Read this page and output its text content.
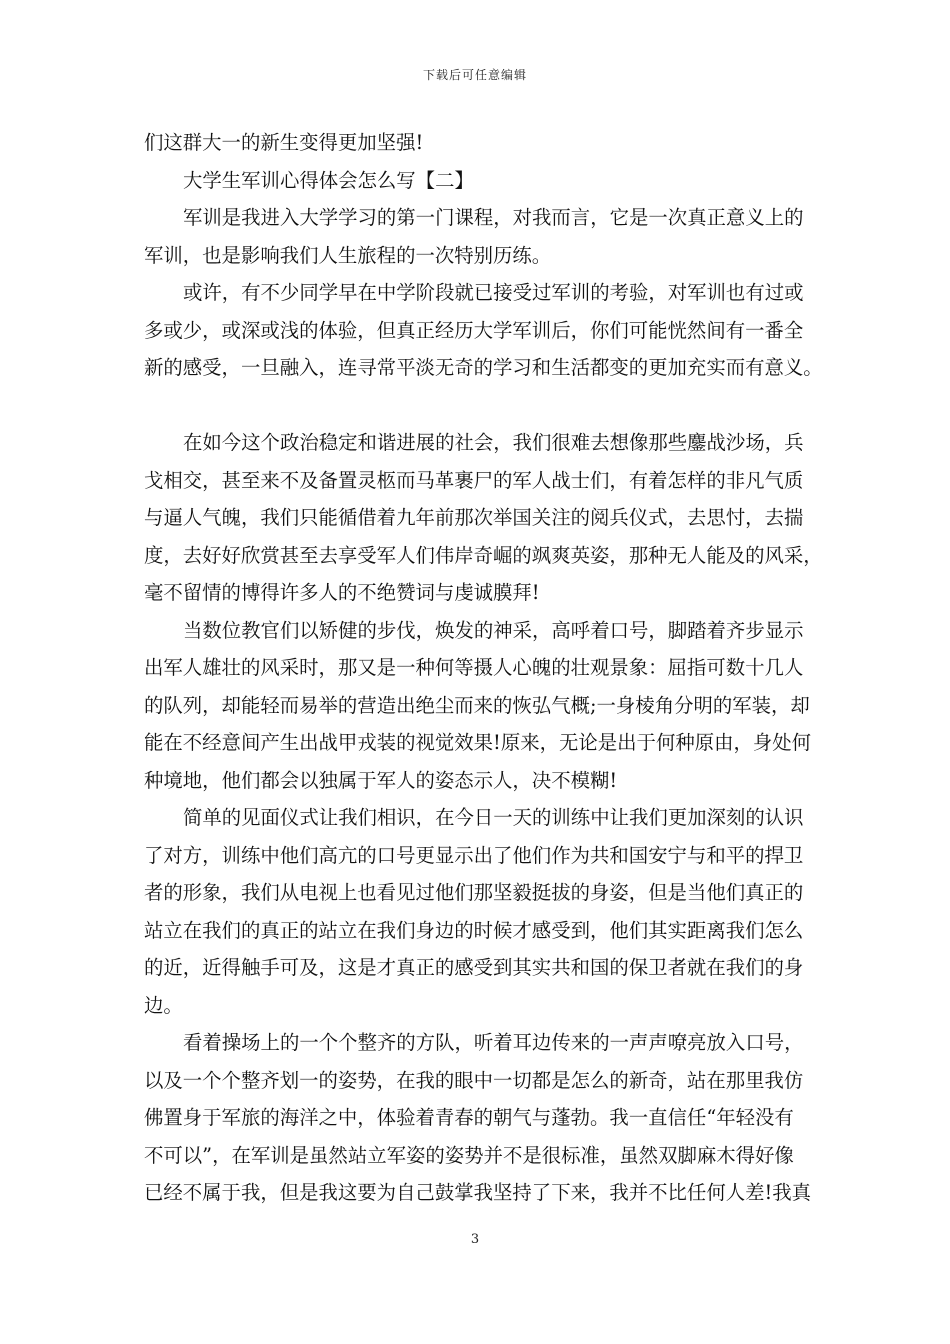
下载后可任意编辑
们这群大一的新生变得更加坚强!
大学生军训心得体会怎么写【二】
军训是我进入大学学习的第一门课程，对我而言，它是一次真正意义上的
军训，也是影响我们人生旅程的一次特别历练。
或许，有不少同学早在中学阶段就已接受过军训的考验，对军训也有过或
多或少，或深或浅的体验，但真正经历大学军训后，你们可能恍然间有一番全
新的感受，一旦融入，连寻常平淡无奇的学习和生活都变的更加充实而有意义。
在如今这个政治稳定和谐进展的社会，我们很难去想像那些鏖战沙场，兵
戈相交，甚至来不及备置灵柩而马革裹尸的军人战士们，有着怎样的非凡气质
与逼人气魄，我们只能循借着九年前那次举国关注的阅兵仪式，去思忖，去揣
度，去好好欣赏甚至去享受军人们伟岸奇崛的飒爽英姿，那种无人能及的风采，
毫不留情的博得许多人的不绝赞词与虔诚膜拜!
当数位教官们以矫健的步伐，焕发的神采，高呼着口号，脚踏着齐步显示
出军人雄壮的风采时，那又是一种何等摄人心魄的壮观景象：屈指可数十几人
的队列，却能轻而易举的营造出绝尘而来的恢弘气概;一身棱角分明的军装，却
能在不经意间产生出战甲戎装的视觉效果!原来，无论是出于何种原由，身处何
种境地，他们都会以独属于军人的姿态示人，决不模糊!
简单的见面仪式让我们相识，在今日一天的训练中让我们更加深刻的认识
了对方，训练中他们高亢的口号更显示出了他们作为共和国安宁与和平的捍卫
者的形象，我们从电视上也看见过他们那坚毅挺拔的身姿，但是当他们真正的
站立在我们的真正的站立在我们身边的时候才感受到，他们其实距离我们怎么
的近，近得触手可及，这是才真正的感受到其实共和国的保卫者就在我们的身
边。
看着操场上的一个个整齐的方队，听着耳边传来的一声声嘹亮放入口号，
以及一个个整齐划一的姿势，在我的眼中一切都是怎么的新奇，站在那里我仿
佛置身于军旅的海洋之中，体验着青春的朝气与蓬勃。我一直信任“年轻没有
不可以”，在军训是虽然站立军姿的姿势并不是很标准，虽然双脚麻木得好像
已经不属于我，但是我这要为自己鼓掌我坚持了下来，我并不比任何人差!我真
3
